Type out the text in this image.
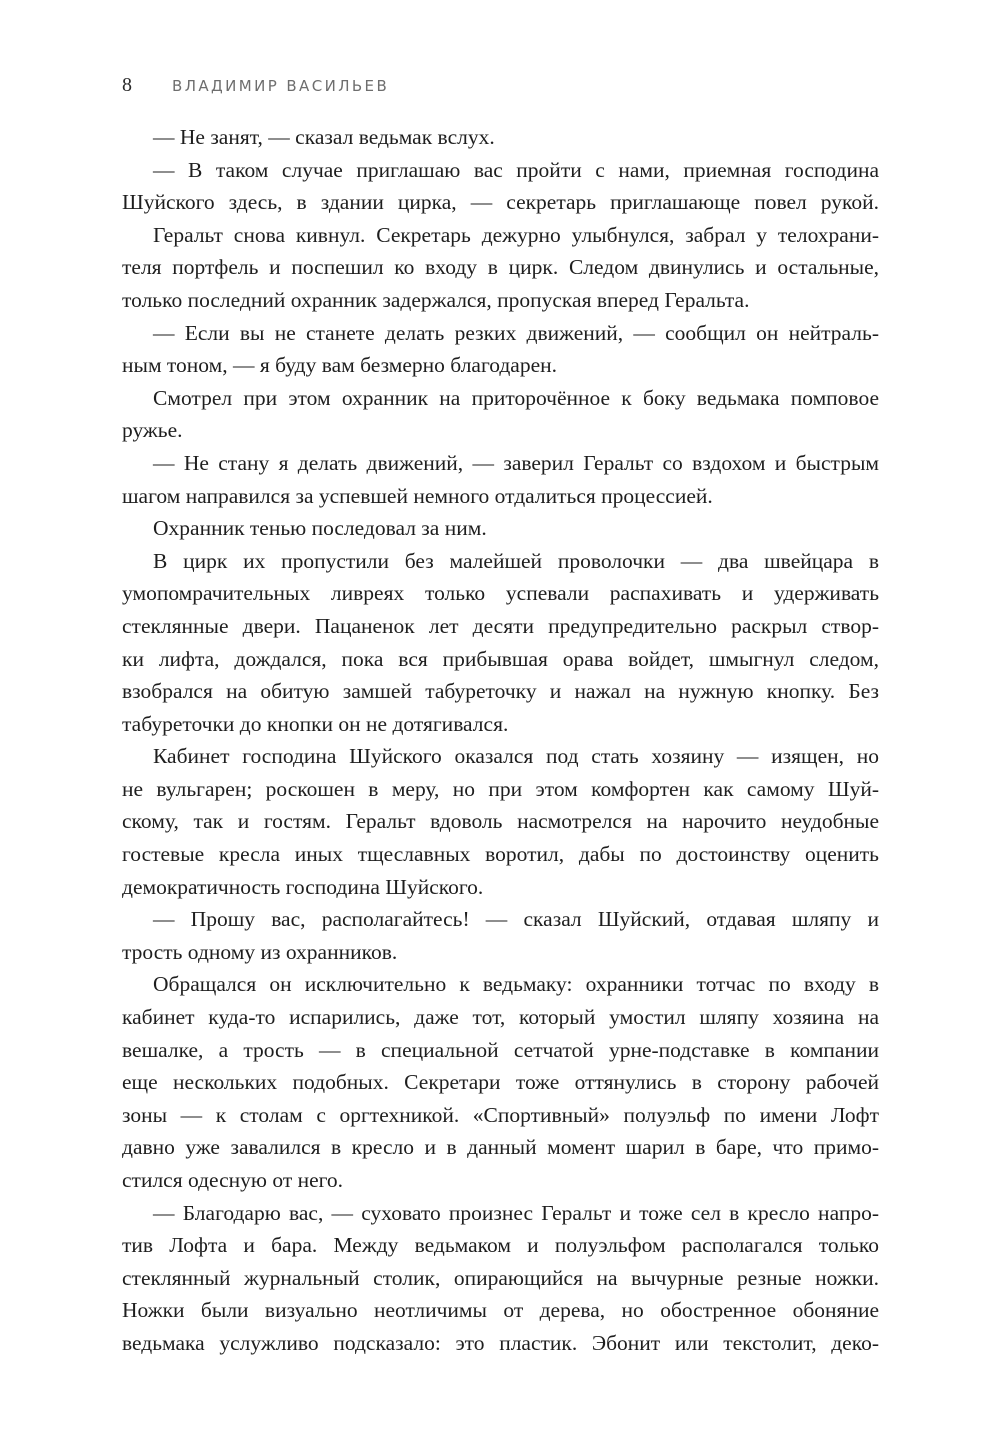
8	ВЛАДИМИР ВАСИЛЬЕВ
— Не занят, — сказал ведьмак вслух.
— В таком случае приглашаю вас пройти с нами, приемная господина
Шуйского здесь, в здании цирка, — секретарь приглашающе повел рукой.
Геральт снова кивнул. Секретарь дежурно улыбнулся, забрал у телохрани-
теля портфель и поспешил ко входу в цирк. Следом двинулись и остальные,
только последний охранник задержался, пропуская вперед Геральта.
— Если вы не станете делать резких движений, — сообщил он нейтраль-
ным тоном, — я буду вам безмерно благодарен.
Смотрел при этом охранник на приторочённое к боку ведьмака помповое
ружье.
— Не стану я делать движений, — заверил Геральт со вздохом и быстрым
шагом направился за успевшей немного отдалиться процессией.
Охранник тенью последовал за ним.
В цирк их пропустили без малейшей проволочки — два швейцара в
умопомрачительных ливреях только успевали распахивать и удерживать
стеклянные двери. Пацаненок лет десяти предупредительно раскрыл створ-
ки лифта, дождался, пока вся прибывшая орава войдет, шмыгнул следом,
взобрался на обитую замшей табуреточку и нажал на нужную кнопку. Без
табуреточки до кнопки он не дотягивался.
Кабинет господина Шуйского оказался под стать хозяину — изящен, но
не вульгарен; роскошен в меру, но при этом комфортен как самому Шуй-
скому, так и гостям. Геральт вдоволь насмотрелся на нарочито неудобные
гостевые кресла иных тщеславных воротил, дабы по достоинству оценить
демократичность господина Шуйского.
— Прошу вас, располагайтесь! — сказал Шуйский, отдавая шляпу и
трость одному из охранников.
Обращался он исключительно к ведьмаку: охранники тотчас по входу в
кабинет куда-то испарились, даже тот, который умостил шляпу хозяина на
вешалке, а трость — в специальной сетчатой урне-подставке в компании
еще нескольких подобных. Секретари тоже оттянулись в сторону рабочей
зоны — к столам с оргтехникой. «Спортивный» полуэльф по имени Лофт
давно уже завалился в кресло и в данный момент шарил в баре, что примо-
стился одесную от него.
— Благодарю вас, — суховато произнес Геральт и тоже сел в кресло напро-
тив Лофта и бара. Между ведьмаком и полуэльфом располагался только
стеклянный журнальный столик, опирающийся на вычурные резные ножки.
Ножки были визуально неотличимы от дерева, но обостренное обоняние
ведьмака услужливо подсказало: это пластик. Эбонит или текстолит, деко-
